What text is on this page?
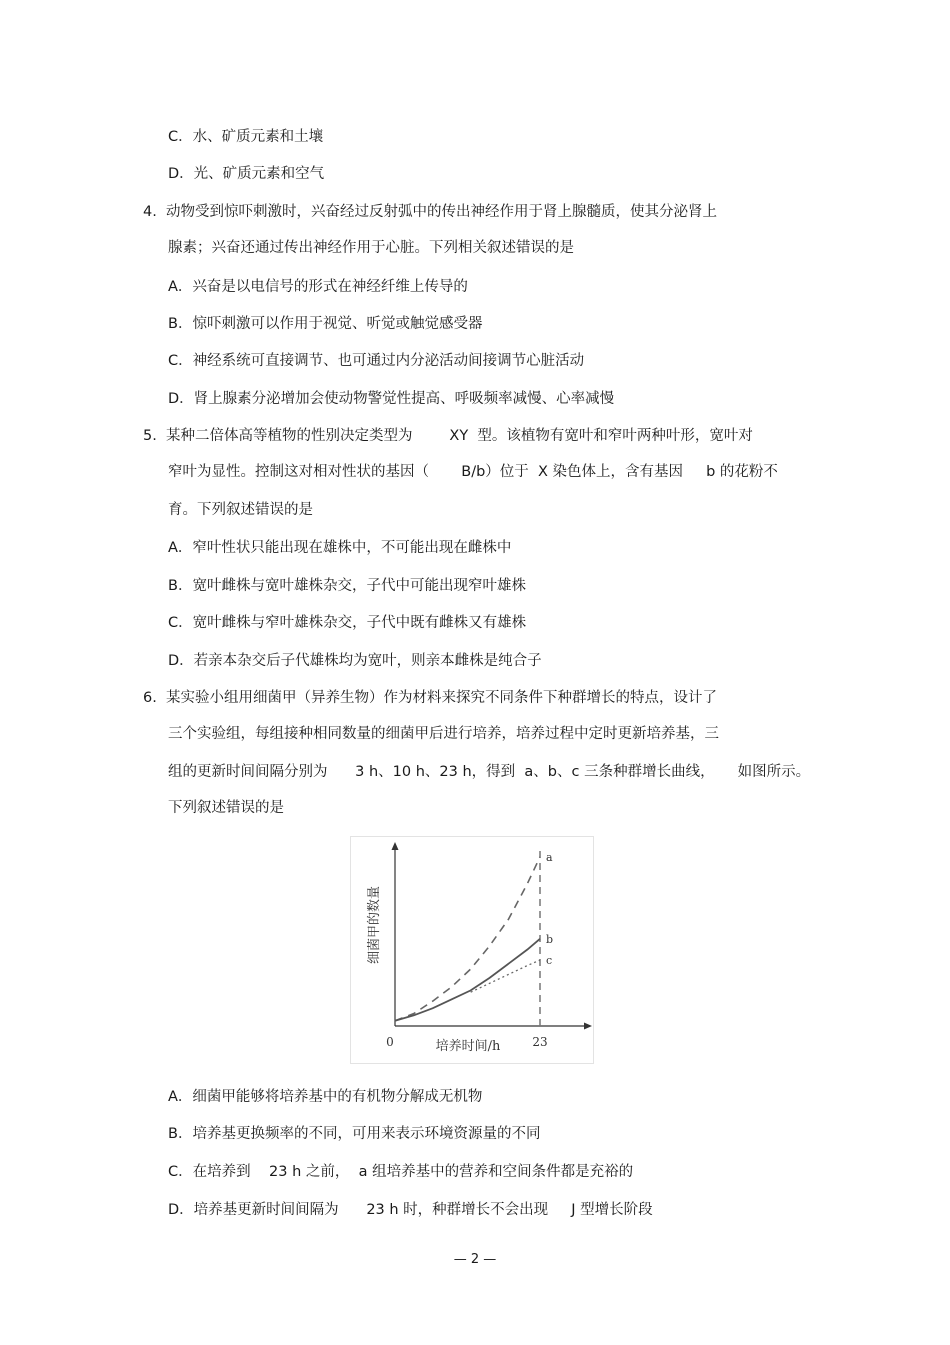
C．水、矿质元素和土壤
D．光、矿质元素和空气
4.  动物受到惊吓刺激时，兴奋经过反射弧中的传出神经作用于肾上腺髓质，使其分泌肾上
腺素；兴奋还通过传出神经作用于心脏。下列相关叙述错误的是
A．兴奋是以电信号的形式在神经纤维上传导的
B．惊吓刺激可以作用于视觉、听觉或触觉感受器
C．神经系统可直接调节、也可通过内分泌活动间接调节心脏活动
D．肾上腺素分泌增加会使动物警觉性提高、呼吸频率减慢、心率减慢
5.  某种二倍体高等植物的性别决定类型为        XY  型。该植物有宽叶和窄叶两种叶形，宽叶对
窄叶为显性。控制这对相对性状的基因（       B/b）位于  X 染色体上，含有基因     b 的花粉不
育。下列叙述错误的是
A．窄叶性状只能出现在雄株中，不可能出现在雌株中
B．宽叶雌株与宽叶雄株杂交，子代中可能出现窄叶雄株
C．宽叶雌株与窄叶雄株杂交，子代中既有雌株又有雄株
D．若亲本杂交后子代雄株均为宽叶，则亲本雌株是纯合子
6.  某实验小组用细菌甲（异养生物）作为材料来探究不同条件下种群增长的特点，设计了
三个实验组，每组接种相同数量的细菌甲后进行培养，培养过程中定时更新培养基，三
组的更新时间间隔分别为      3 h、10 h、23 h，得到  a、b、c 三条种群增长曲线，     如图所示。
下列叙述错误的是
细菌甲的数量
培养时间/h
0	23
a
b
c
A．细菌甲能够将培养基中的有机物分解成无机物
B．培养基更换频率的不同，可用来表示环境资源量的不同
C．在培养到    23 h 之前，  a 组培养基中的营养和空间条件都是充裕的
D．培养基更新时间间隔为      23 h 时，种群增长不会出现     J 型增长阶段
— 2 —
